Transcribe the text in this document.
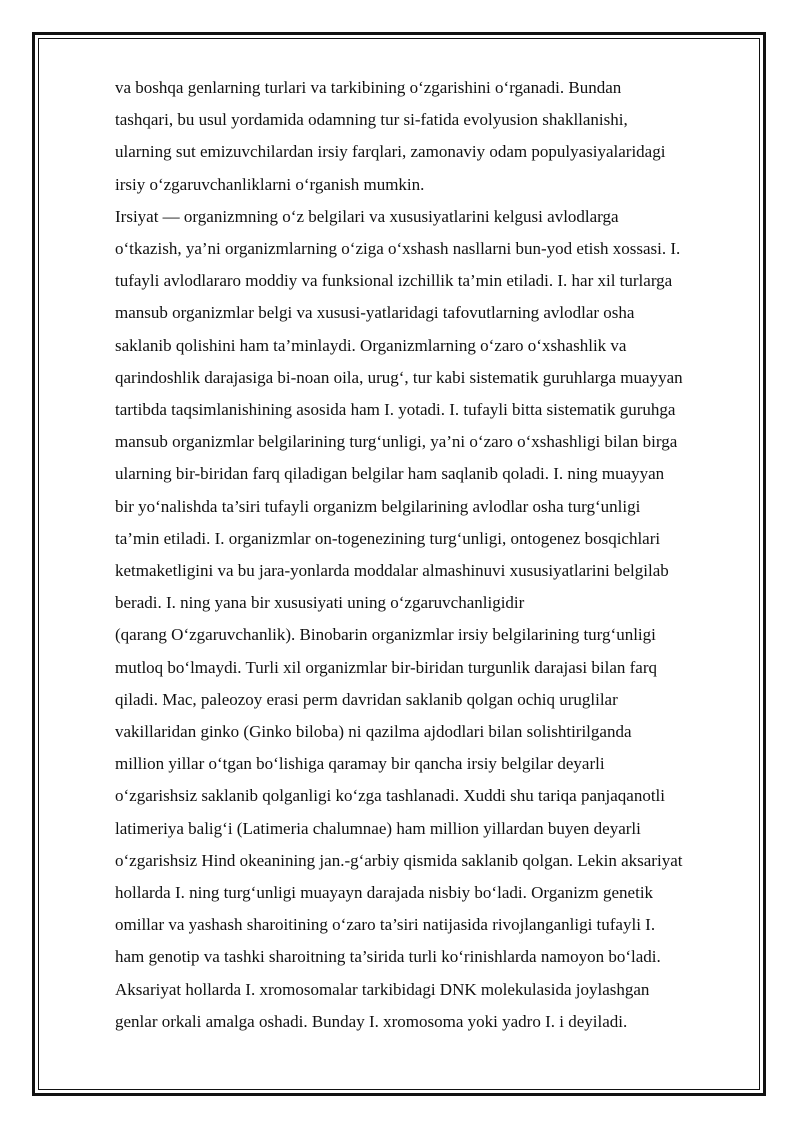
va boshqa genlarning turlari va tarkibining o‘zgarishini o‘rganadi. Bundan
tashqari, bu usul yordamida odamning tur si-fatida evolyusion shakllanishi,
ularning sut emizuvchilardan irsiy farqlari, zamonaviy odam populyasiyalaridagi
irsiy o‘zgaruvchanliklarni o‘rganish mumkin.
Irsiyat — organizmning o‘z belgilari va xususiyatlarini kelgusi avlodlarga
o‘tkazish, ya’ni organizmlarning o‘ziga o‘xshash nasllarni bun-yod etish xossasi. I.
tufayli avlodlararo moddiy va funksional izchillik ta’min etiladi. I. har xil turlarga
mansub organizmlar belgi va xususi-yatlaridagi tafovutlarning avlodlar osha
saklanib qolishini ham ta’minlaydi. Organizmlarning o‘zaro o‘xshashlik va
qarindoshlik darajasiga bi-noan oila, urug‘, tur kabi sistematik guruhlarga muayyan
tartibda taqsimlanishining asosida ham I. yotadi. I. tufayli bitta sistematik guruhga
mansub organizmlar belgilarining turg‘unligi, ya’ni o‘zaro o‘xshashligi bilan birga
ularning bir-biridan farq qiladigan belgilar ham saqlanib qoladi. I. ning muayyan
bir yo‘nalishda ta’siri tufayli organizm belgilarining avlodlar osha turg‘unligi
ta’min etiladi. I. organizmlar on-togenezining turg‘unligi, ontogenez bosqichlari
ketmaketligini va bu jara-yonlarda moddalar almashinuvi xususiyatlarini belgilab
beradi. I. ning yana bir xususiyati uning o‘zgaruvchanligidir
(qarang O‘zgaruvchanlik). Binobarin organizmlar irsiy belgilarining turg‘unligi
mutloq bo‘lmaydi. Turli xil organizmlar bir-biridan turgunlik darajasi bilan farq
qiladi. Mac, paleozoy erasi perm davridan saklanib qolgan ochiq uruglilar
vakillaridan ginko (Ginko biloba) ni qazilma ajdodlari bilan solishtirilganda
million yillar o‘tgan bo‘lishiga qaramay bir qancha irsiy belgilar deyarli
o‘zgarishsiz saklanib qolganligi ko‘zga tashlanadi. Xuddi shu tariqa panjaqanotli
latimeriya balig‘i (Latimeria chalumnae) ham million yillardan buyen deyarli
o‘zgarishsiz Hind okeanining jan.-g‘arbiy qismida saklanib qolgan. Lekin aksariyat
hollarda I. ning turg‘unligi muayayn darajada nisbiy bo‘ladi. Organizm genetik
omillar va yashash sharoitining o‘zaro ta’siri natijasida rivojlanganligi tufayli I.
ham genotip va tashki sharoitning ta’sirida turli ko‘rinishlarda namoyon bo‘ladi.
Aksariyat hollarda I. xromosomalar tarkibidagi DNK molekulasida joylashgan
genlar orkali amalga oshadi. Bunday I. xromosoma yoki yadro I. i deyiladi.
